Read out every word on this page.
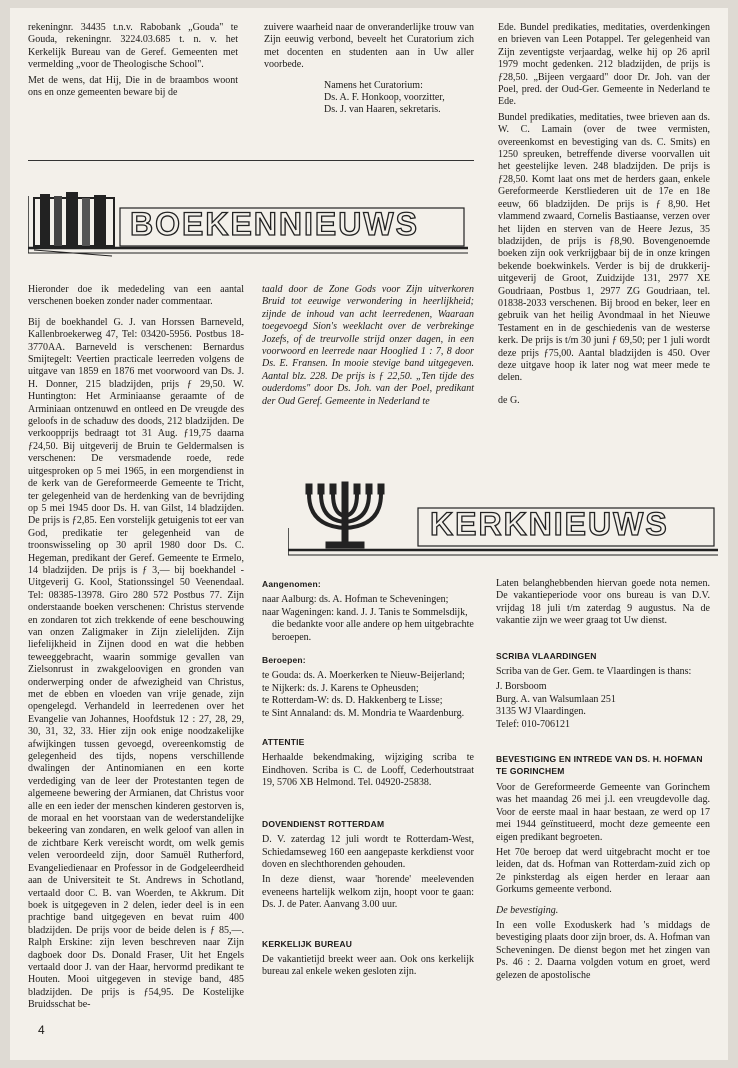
rekeningnr. 34435 t.n.v. Rabobank „Gouda" te Gouda, rekeningnr. 3224.03.685 t. n. v. het Kerkelijk Bureau van de Geref. Gemeenten met vermelding „voor de Theologische School".

Met de wens, dat Hij, Die in de braambos woont ons en onze gemeenten beware bij de

zuivere waarheid naar de onveranderlijke trouw van Zijn eeuwig verbond, beveelt het Curatorium zich met docenten en studenten aan in Uw aller voorbede.

Namens het Curatorium:
Ds. A. F. Honkoop, voorzitter,
Ds. J. van Haaren, sekretaris.

Ede. Bundel predikaties, meditaties, overdenkingen en brieven van Leen Potappel. Ter gelegenheid van Zijn zeventigste verjaardag, welke hij op 26 april 1979 mocht gedenken. 212 bladzijden, de prijs is ƒ28,50. „Bijeen vergaard" door Dr. Joh. van der Poel, pred. der Oud-Ger. Gemeente in Nederland te Ede.

Bundel predikaties, meditaties, twee brieven aan ds. W. C. Lamain (over de twee vermisten, overeenkomst en bevestiging van ds. C. Smits) en 1250 spreuken, betreffende diverse voorvallen uit het geestelijke leven. 248 bladzijden. De prijs is ƒ28,50. Komt laat ons met de herders gaan, enkele Gereformeerde Kerstliederen uit de 17e en 18e eeuw, 66 bladzijden. De prijs is ƒ 8,90. Het vlammend zwaard, Cornelis Bastiaanse, verzen over het lijden en sterven van de Heere Jezus, 35 bladzijden, de prijs is ƒ8,90. Bovengenoemde boeken zijn ook verkrijgbaar bij de in onze kringen bekende boekwinkels. Verder is bij de drukkerij-uitgeverij de Groot, Zuidzijde 131, 2977 XE Goudriaan, Postbus 1, 2977 ZG Goudriaan, tel. 01838-2033 verschenen. Bij brood en beker, leer en gebruik van het heilig Avondmaal in het Nieuwe Testament en in de geschiedenis van de westerse kerk. De prijs is t/m 30 juni ƒ 69,50; per 1 juli wordt deze prijs ƒ75,00. Aantal bladzijden is 450. Over deze uitgave hoop ik later nog wat meer mede te delen.

de G.

BOEKENNIEUWS

Hieronder doe ik mededeling van een aantal verschenen boeken zonder nader commentaar.

Bij de boekhandel G. J. van Horssen Barneveld, Kallenbroekerweg 47, Tel: 03420-5956. Postbus 18-3770AA. Barneveld is verschenen: Bernardus Smijtegelt: Veertien practicale leerreden volgens de uitgave van 1859 en 1876 met voorwoord van Ds. J. H. Donner, 215 bladzijden, prijs ƒ 29,50. W. Huntington: Het Arminiaanse geraamte of de Arminiaan ontzenuwd en ontleed en De vreugde des geloofs in de schaduw des doods, 212 bladzijden. De verkoopprijs bedraagt tot 31 Aug. ƒ19,75 daarna ƒ24,50. Bij uitgeverij de Bruin te Geldermalsen is verschenen: De versmadende roede, rede uitgesproken op 5 mei 1965, in een morgendienst in de kerk van de Gereformeerde Gemeente te Tricht, ter gelegenheid van de herdenking van de bevrijding op 5 mei 1945 door Ds. H. van Gilst, 14 bladzijden. De prijs is ƒ2,85. Een vorstelijk getuigenis tot eer van God, predikatie ter gelegenheid van de troonswisseling op 30 april 1980 door Ds. C. Hegeman, predikant der Geref. Gemeente te Ermelo, 14 bladzijden. De prijs is ƒ 3,— bij boekhandel - Uitgeverij G. Kool, Stationssingel 50 Veenendaal. Tel: 08385-13978. Giro 280 572 Postbus 77. Zijn onderstaande boeken verschenen: Christus stervende en zondaren tot zich trekkende of eene beschouwing van onzen Zaligmaker in Zijn zielelijden. Zijn liefelijkheid in Zijnen dood en wat die hebben teweeggebracht, waarin sommige gevallen van Zielsonrust in zwakgeloovigen en gronden van onderwerping onder de afwezigheid van Christus, met de ebben en vloeden van vrije genade, zijn opengelegd. Verhandeld in leerredenen over het Evangelie van Johannes, Hoofdstuk 12 : 27, 28, 29, 30, 31, 32, 33. Hier zijn ook enige noodzakelijke afwijkingen tussen gevoegd, overeenkomstig de gelegenheid des tijds, nopens verschillende dwalingen der Antinomianen en een korte verdediging van de leer der Protestanten tegen de algemeene bewering der Armianen, dat Christus voor alle en een ieder der menschen kinderen gestorven is, de moraal en het voorstaan van de wederstandelijke bekeering van zondaren, en welk geloof van allen in de zichtbare Kerk vereischt wordt, om welk gemis velen veroordeeld zijn, door Samuël Rutherford, Evangeliedienaar en Professor in de Godgeleerdheid aan de Universiteit te St. Andrews in Schotland, vertaald door C. B. van Woerden, te Akkrum. Dit boek is uitgegeven in 2 delen, ieder deel is in een prachtige band uitgegeven en bevat ruim 400 bladzijden. De prijs voor de beide delen is ƒ 85,—. Ralph Erskine: zijn leven beschreven naar Zijn dagboek door Ds. Donald Fraser, Uit het Engels vertaald door J. van der Haar, hervormd predikant te Houten. Mooi uitgegeven in stevige band, 485 bladzijden. De prijs is ƒ54,95. De Kostelijke Bruidsschat be-

taald door de Zone Gods voor Zijn uitverkoren Bruid tot eeuwige verwondering in heerlijkheid; zijnde de inhoud van acht leerredenen, Waaraan toegevoegd Sion's weeklacht over de verbrekinge Jozefs, of de treurvolle strijd onzer dagen, in een voorwoord en leerrede naar Hooglied 1 : 7, 8 door Ds. E. Fransen. In mooie stevige band uitgegeven. Aantal blz. 228. De prijs is ƒ 22,50. „Ten tijde des ouderdoms" door Ds. Joh. van der Poel, predikant der Oud Geref. Gemeente in Nederland te

KERKNIEUWS
Aangenomen:
naar Aalburg: ds. A. Hofman te Scheveningen;
naar Wageningen: kand. J. J. Tanis te Sommelsdijk, die bedankte voor alle andere op hem uitgebrachte beroepen.
Beroepen:
te Gouda: ds. A. Moerkerken te Nieuw-Beijerland;
te Nijkerk: ds. J. Karens te Opheusden;
te Rotterdam-W: ds. D. Hakkenberg te Lisse;
te Sint Annaland: ds. M. Mondria te Waardenburg.
ATTENTIE

Herhaalde bekendmaking, wijziging scriba te Eindhoven. Scriba is C. de Looff, Cederhoutstraat 19, 5706 XB Helmond. Tel. 04920-25838.

DOVENDIENST ROTTERDAM

D. V. zaterdag 12 juli wordt te Rotterdam-West, Schiedamseweg 160 een aangepaste kerkdienst voor doven en slechthorenden gehouden.

In deze dienst, waar 'horende' meelevenden eveneens hartelijk welkom zijn, hoopt voor te gaan: Ds. J. de Pater. Aanvang 3.00 uur.

KERKELIJK BUREAU

De vakantietijd breekt weer aan. Ook ons kerkelijk bureau zal enkele weken gesloten zijn.

Laten belanghebbenden hiervan goede nota nemen. De vakantieperiode voor ons bureau is van D.V. vrijdag 18 juli t/m zaterdag 9 augustus. Na de vakantie zijn we weer graag tot Uw dienst.

SCRIBA VLAARDINGEN

Scriba van de Ger. Gem. te Vlaardingen is thans:

J. Borsboom
Burg. A. van Walsumlaan 251
3135 WJ Vlaardingen.
Telef: 010-706121
BEVESTIGING EN INTREDE VAN DS. H. HOFMAN TE GORINCHEM

Voor de Gereformeerde Gemeente van Gorinchem was het maandag 26 mei j.l. een vreugdevolle dag. Voor de eerste maal in haar bestaan, ze werd op 17 mei 1944 geïnstitueerd, mocht deze gemeente een eigen predikant begroeten.

Het 70e beroep dat werd uitgebracht mocht er toe leiden, dat ds. Hofman van Rotterdam-zuid zich op 2e pinksterdag als eigen herder en leraar aan Gorkums gemeente verbond.

De bevestiging.

In een volle Exoduskerk had 's middags de bevestiging plaats door zijn broer, ds. A. Hofman van Scheveningen. De dienst begon met het zingen van Ps. 46 : 2. Daarna volgden votum en groet, werd gelezen de apostolische

4
